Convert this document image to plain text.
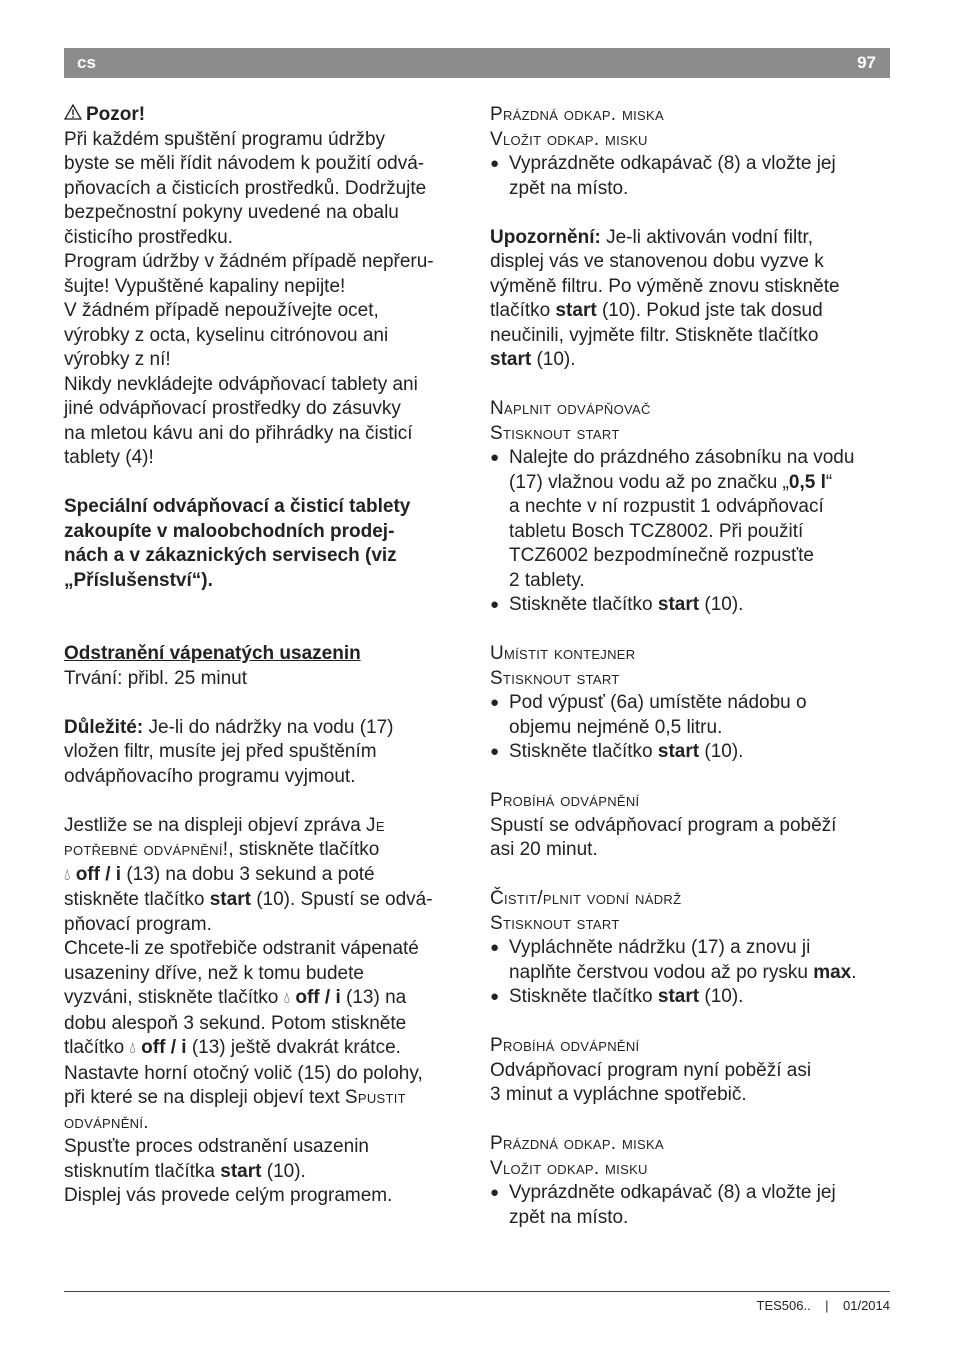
cs	97

Pozor!

Při každém spuštění programu údržby

byste se měli řídit návodem k použití odvá-

pňovacích a čisticích prostředků. Dodržujte

bezpečnostní pokyny uvedené na obalu

čisticího prostředku.

Program údržby v žádném případě nepřeru-

šujte! Vypuštěné kapaliny nepijte!

V žádném případě nepoužívejte ocet,

výrobky z octa, kyselinu citrónovou ani

výrobky z ní!

Nikdy nevkládejte odvápňovací tablety ani

jiné odvápňovací prostředky do zásuvky

na mletou kávu ani do přihrádky na čisticí

tablety (4)!

Speciální odvápňovací a čisticí tablety

zakoupíte v maloobchodních prodej-

nách a v zákaznických servisech (viz

„Příslušenství“).

Odstranění vápenatých usazenin

Trvání: přibl. 25 minut

Důležité: Je-li do nádržky na vodu (17)

vložen filtr, musíte jej před spuštěním

odvápňovacího programu vyjmout.

Jestliže se na displeji objeví zpráva Je

potřebné odvápnění!, stiskněte tlačítko

💧︎ off / i (13) na dobu 3 sekund a poté

stiskněte tlačítko start (10). Spustí se odvá-

pňovací program.

Chcete-li ze spotřebiče odstranit vápenaté

usazeniny dříve, než k tomu budete

vyzváni, stiskněte tlačítko 💧︎ off / i (13) na

dobu alespoň 3 sekund. Potom stiskněte

tlačítko 💧︎ off / i (13) ještě dvakrát krátce.

Nastavte horní otočný volič (15) do polohy,

při které se na displeji objeví text Spustit

odvápnění.

Spusťte proces odstranění usazenin

stisknutím tlačítka start (10).

Displej vás provede celým programem.

Prázdná odkap. miska

Vložit odkap. misku

● Vyprázdněte odkapávač (8) a vložte jej

zpět na místo.

Upozornění: Je-li aktivován vodní filtr,

displej vás ve stanovenou dobu vyzve k

výměně filtru. Po výměně znovu stiskněte

tlačítko start (10). Pokud jste tak dosud

neučinili, vyjměte filtr. Stiskněte tlačítko

start (10).

Naplnit odvápňovač

Stisknout start

● Nalejte do prázdného zásobníku na vodu

(17) vlažnou vodu až po značku „0,5 l“

a nechte v ní rozpustit 1 odvápňovací

tabletu Bosch TCZ8002. Při použití

TCZ6002 bezpodmínečně rozpusťte

2 tablety.

● Stiskněte tlačítko start (10).

Umístit kontejner

Stisknout start

● Pod výpusť (6a) umístěte nádobu o

objemu nejméně 0,5 litru.

● Stiskněte tlačítko start (10).

Probíhá odvápnění

Spustí se odvápňovací program a poběží

asi 20 minut.

Čistit/plnit vodní nádrž

Stisknout start

● Vypláchněte nádržku (17) a znovu ji

naplňte čerstvou vodou až po rysku max.

● Stiskněte tlačítko start (10).

Probíhá odvápnění

Odvápňovací program nyní poběží asi

3 minut a vypláchne spotřebič.

Prázdná odkap. miska

Vložit odkap. misku

● Vyprázdněte odkapávač (8) a vložte jej

zpět na místo.

TES506.. | 01/2014
